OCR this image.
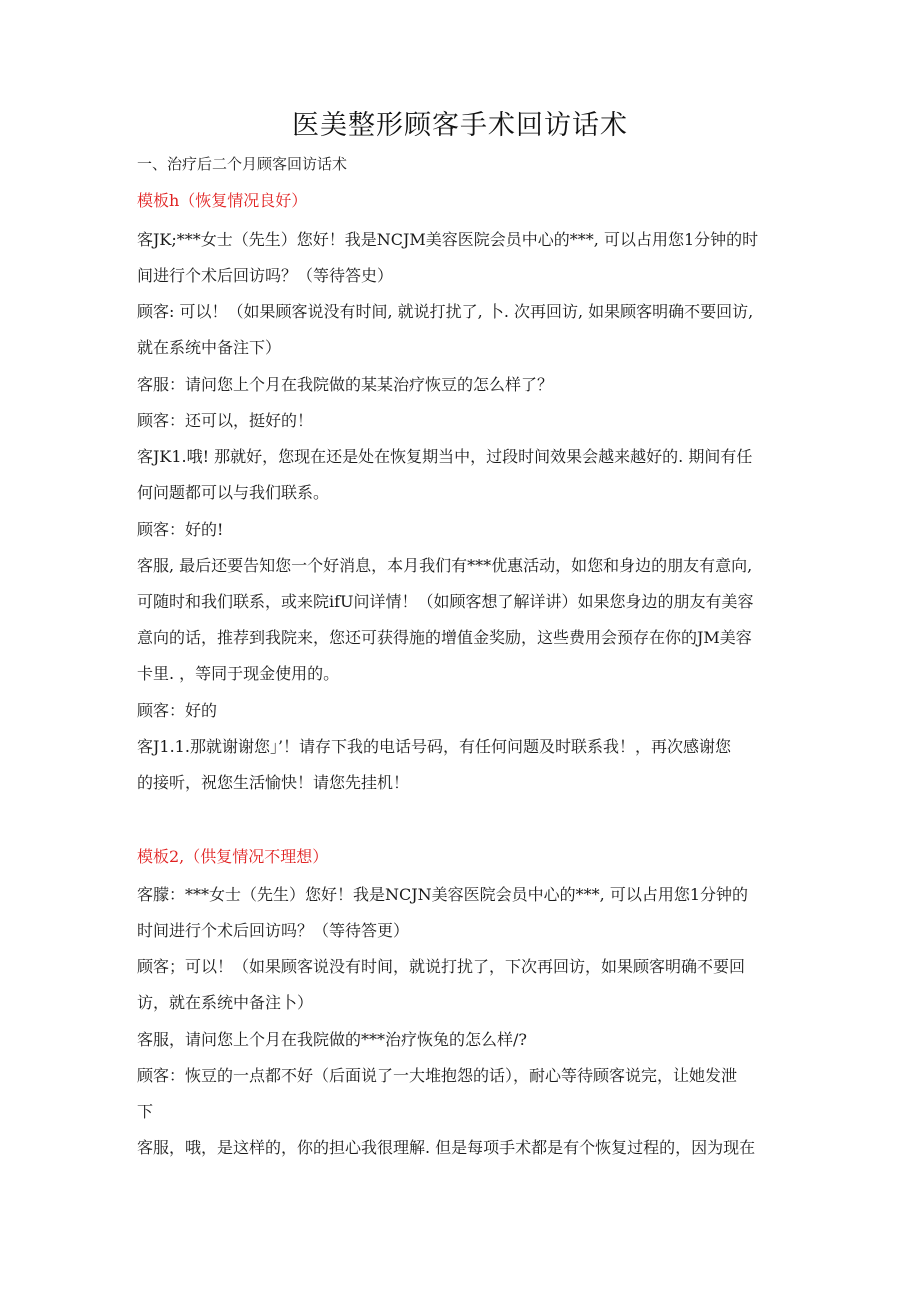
医美整形顾客手术回访话术
一、治疗后二个月顾客回访话术
模板h（恢复情况良好）
客JK;***女士（先生）您好！我是NCJM美容医院会员中心的***, 可以占用您1分钟的时
间进行个术后回访吗？（等待答史）
顾客: 可以！（如果顾客说没有时间, 就说打扰了, 卜. 次再回访, 如果顾客明确不要回访,
就在系统中备注下）
客服：请问您上个月在我院做的某某治疗恢豆的怎么样了？
顾客：还可以，挺好的！
客JK1.哦! 那就好，您现在还是处在恢复期当中，过段时间效果会越来越好的. 期间有任
何问题都可以与我们联系。
顾客：好的!
客服, 最后还要告知您一个好消息，本月我们有***优惠活动，如您和身边的朋友有意向,
可随时和我们联系，或来院ifU问详情！（如顾客想了解详讲）如果您身边的朋友有美容
意向的话，推荐到我院来，您还可获得施的增值金奖励，这些费用会预存在你的JM美容
卡里. ，等同于现金使用的。
顾客：好的
客J1.1.那就谢谢您」’！请存下我的电话号码，有任何问题及时联系我！，再次感谢您
的接听，祝您生活愉快！请您先挂机！
模板2,（供复情况不理想）
客朦：***女士（先生）您好！我是NCJN美容医院会员中心的***, 可以占用您1分钟的
时间进行个术后回访吗？（等待答更）
顾客；可以！（如果顾客说没有时间，就说打扰了，下次再回访，如果顾客明确不要回
访，就在系统中备注卜）
客服，请问您上个月在我院做的***治疗恢兔的怎么样/?
顾客：恢豆的一点都不好（后面说了一大堆抱怨的话），耐心等待顾客说完，让她发泄
下
客服，哦，是这样的，你的担心我很理解. 但是每项手术都是有个恢复过程的，因为现在
